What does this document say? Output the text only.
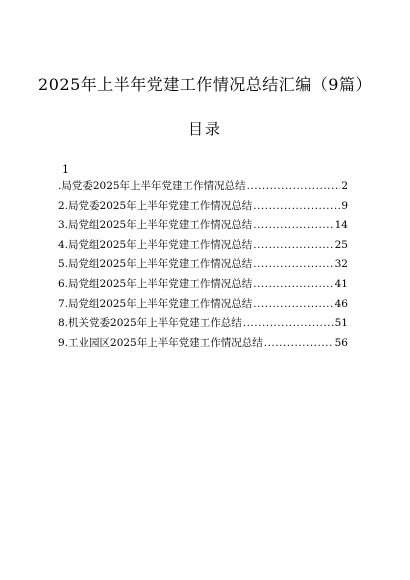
2025年上半年党建工作情况总结汇编（9篇）
目录
1
.局党委2025年上半年党建工作情况总结 .....	2
2.局党委2025年上半年党建工作情况总结 .....	9
3.局党组2025年上半年党建工作情况总结 .....	14
4.局党组2025年上半年党建工作情况总结 .....	25
5.局党组2025年上半年党建工作情况总结 .....	32
6.局党组2025年上半年党建工作情况总结 .....	41
7.局党组2025年上半年党建工作情况总结 .....	46
8.机关党委2025年上半年党建工作总结 .....	51
9.工业园区2025年上半年党建工作情况总结 .....	56
